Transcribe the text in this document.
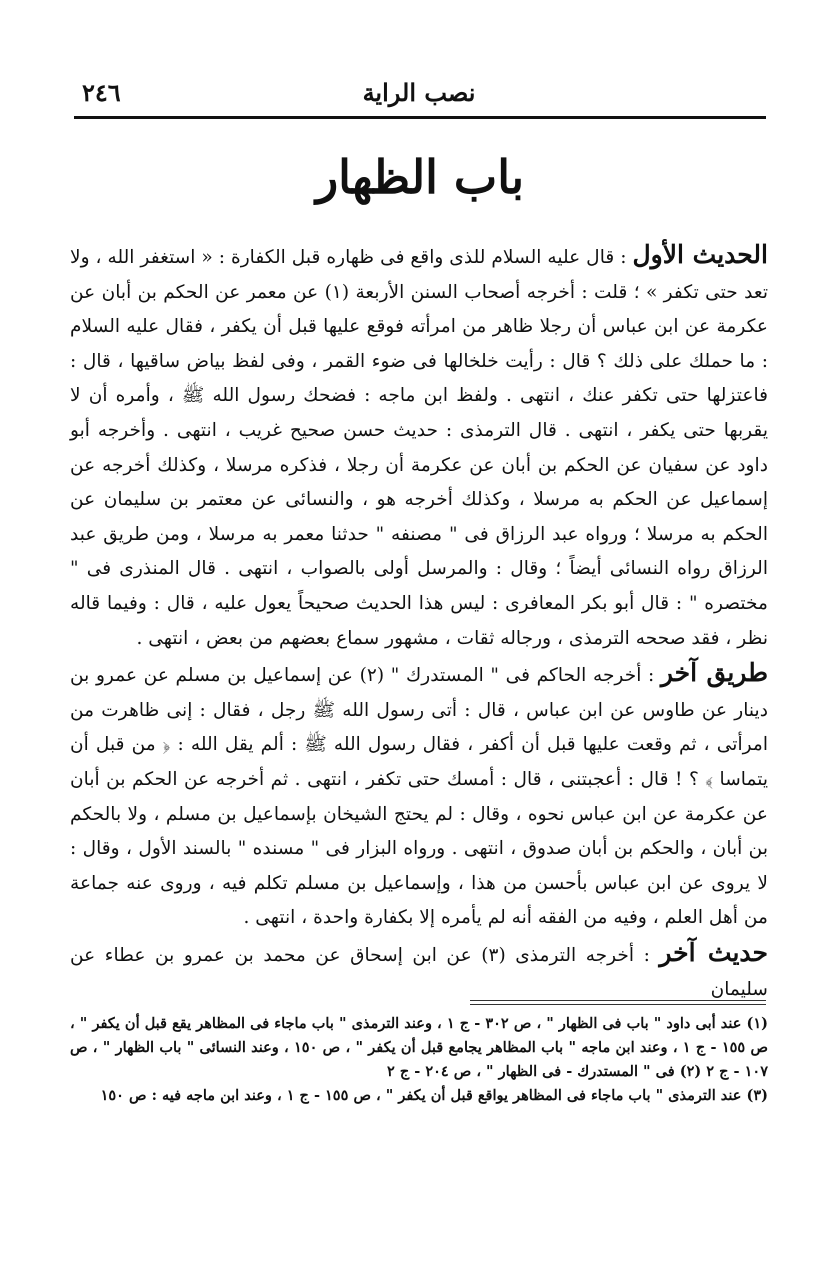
٢٤٦	نصب الراية
باب الظهار

الحديث الأول : قال عليه السلام للذى واقع فى ظهاره قبل الكفارة : « استغفر الله ، ولا تعد حتى تكفر » ؛ قلت : أخرجه أصحاب السنن الأربعة (١) عن معمر عن الحكم بن أبان عن عكرمة عن ابن عباس أن رجلا ظاهر من امرأته فوقع عليها قبل أن يكفر ، فقال عليه السلام : ما حملك على ذلك ؟ قال : رأيت خلخالها فى ضوء القمر ، وفى لفظ بياض ساقيها ، قال : فاعتزلها حتى تكفر عنك ، انتهى . ولفظ ابن ماجه : فضحك رسول الله ﷺ ، وأمره أن لا يقربها حتى يكفر ، انتهى . قال الترمذى : حديث حسن صحيح غريب ، انتهى . وأخرجه أبو داود عن سفيان عن الحكم بن أبان عن عكرمة أن رجلا ، فذكره مرسلا ، وكذلك أخرجه عن إسماعيل عن الحكم به مرسلا ، وكذلك أخرجه هو ، والنسائى عن معتمر بن سليمان عن الحكم به مرسلا ؛ ورواه عبد الرزاق فى " مصنفه " حدثنا معمر به مرسلا ، ومن طريق عبد الرزاق رواه النسائى أيضاً ؛ وقال : والمرسل أولى بالصواب ، انتهى . قال المنذرى فى " مختصره " : قال أبو بكر المعافرى : ليس هذا الحديث صحيحاً يعول عليه ، قال : وفيما قاله نظر ، فقد صححه الترمذى ، ورجاله ثقات ، مشهور سماع بعضهم من بعض ، انتهى .

طريق آخر : أخرجه الحاكم فى " المستدرك " (٢) عن إسماعيل بن مسلم عن عمرو بن دينار عن طاوس عن ابن عباس ، قال : أتى رسول الله ﷺ رجل ، فقال : إنى ظاهرت من امرأتى ، ثم وقعت عليها قبل أن أكفر ، فقال رسول الله ﷺ : ألم يقل الله : ﴿ من قبل أن يتماسا ﴾ ؟ ! قال : أعجبتنى ، قال : أمسك حتى تكفر ، انتهى . ثم أخرجه عن الحكم بن أبان عن عكرمة عن ابن عباس نحوه ، وقال : لم يحتج الشيخان بإسماعيل بن مسلم ، ولا بالحكم بن أبان ، والحكم بن أبان صدوق ، انتهى . ورواه البزار فى " مسنده " بالسند الأول ، وقال : لا يروى عن ابن عباس بأحسن من هذا ، وإسماعيل بن مسلم تكلم فيه ، وروى عنه جماعة من أهل العلم ، وفيه من الفقه أنه لم يأمره إلا بكفارة واحدة ، انتهى .

حديث آخر : أخرجه الترمذى (٣) عن ابن إسحاق عن محمد بن عمرو بن عطاء عن سليمان

(١) عند أبى داود " باب فى الظهار " ، ص ٣٠٢ - ج ١ ، وعند الترمذى " باب ماجاء فى المظاهر يقع قبل أن يكفر " ، ص ١٥٥ - ج ١ ، وعند ابن ماجه " باب المظاهر يجامع قبل أن يكفر " ، ص ١٥٠ ، وعند النسائى " باب الظهار " ، ص ١٠٧ - ج ٢ (٢) فى " المستدرك - فى الظهار " ، ص ٢٠٤ - ج ٢

(٣) عند الترمذى " باب ماجاء فى المظاهر يواقع قبل أن يكفر " ، ص ١٥٥ - ج ١ ، وعند ابن ماجه فيه : ص ١٥٠
